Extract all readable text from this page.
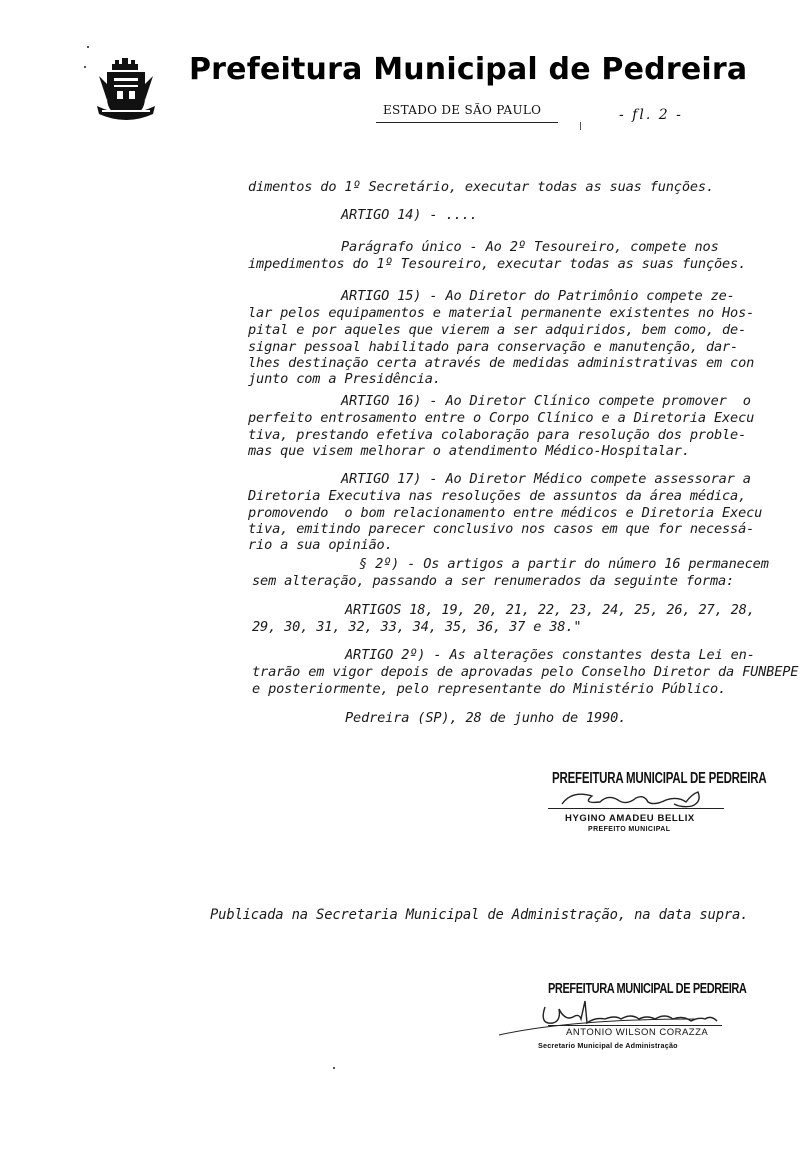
Prefeitura Municipal de Pedreira
ESTADO DE SÃO PAULO	- fl. 2 -
dimentos do 1º Secretário, executar todas as suas funções.
ARTIGO 14) - ....
Parágrafo único - Ao 2º Tesoureiro, compete nos
impedimentos do 1º Tesoureiro, executar todas as suas funções.
ARTIGO 15) - Ao Diretor do Patrimônio compete ze-
lar pelos equipamentos e material permanente existentes no Hos-
pital e por aqueles que vierem a ser adquiridos, bem como, de-
signar pessoal habilitado para conservação e manutenção, dar-
lhes destinação certa através de medidas administrativas em con
junto com a Presidência.
ARTIGO 16) - Ao Diretor Clínico compete promover  o
perfeito entrosamento entre o Corpo Clínico e a Diretoria Execu
tiva, prestando efetiva colaboração para resolução dos proble-
mas que visem melhorar o atendimento Médico-Hospitalar.
ARTIGO 17) - Ao Diretor Médico compete assessorar a
Diretoria Executiva nas resoluções de assuntos da área médica,
promovendo  o bom relacionamento entre médicos e Diretoria Execu
tiva, emitindo parecer conclusivo nos casos em que for necessá-
rio a sua opinião.
§ 2º) - Os artigos a partir do número 16 permanecem
sem alteração, passando a ser renumerados da seguinte forma:
ARTIGOS 18, 19, 20, 21, 22, 23, 24, 25, 26, 27, 28,
29, 30, 31, 32, 33, 34, 35, 36, 37 e 38."
ARTIGO 2º) - As alterações constantes desta Lei en-
trarão em vigor depois de aprovadas pelo Conselho Diretor da FUNBEPE
e posteriormente, pelo representante do Ministério Público.
Pedreira (SP), 28 de junho de 1990.
PREFEITURA MUNICIPAL DE PEDREIRA
HYGINO AMADEU BELLIX
PREFEITO MUNICIPAL
Publicada na Secretaria Municipal de Administração, na data supra.
PREFEITURA MUNICIPAL DE PEDREIRA
ANTONIO WILSON CORAZZA
Secretario Municipal de Administração
